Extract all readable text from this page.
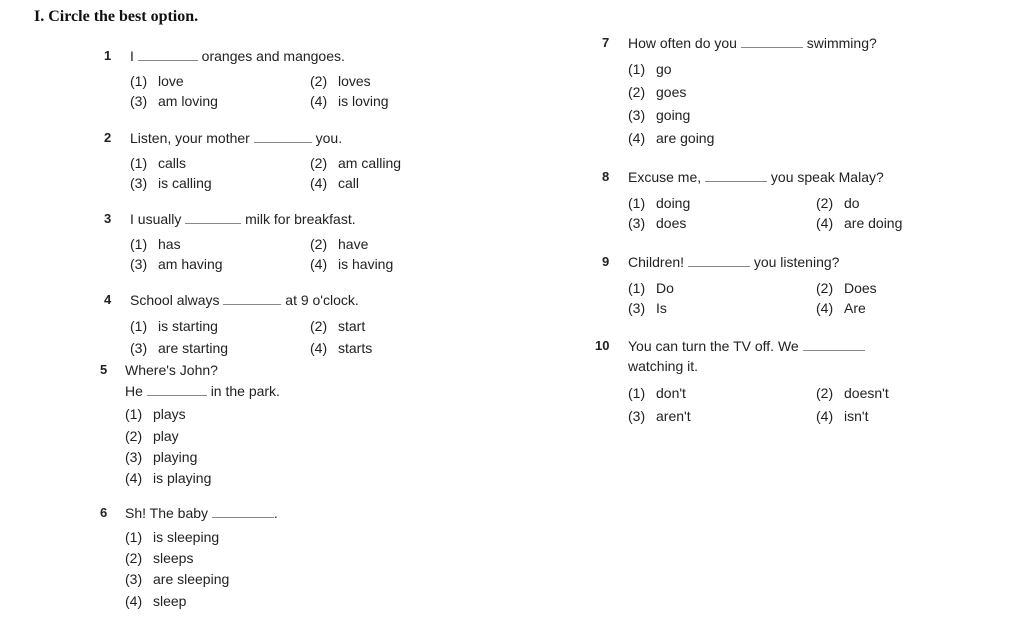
I. Circle the best option.
1 I	oranges and mangoes.
(1) love	(2) loves
(3) am loving	(4) is loving
2 Listen, your mother	you.
(1) calls	(2) am calling
(3) is calling	(4) call
3 I usually	milk for breakfast.
(1) has	(2) have
(3) am having	(4) is having
4 School always	at 9 o'clock.
(1) is starting	(2) start
(3) are starting	(4) starts
5 Where's John?
He	in the park.
(1) plays
(2) play
(3) playing
(4) is playing
6 Sh! The baby	.
(1) is sleeping
(2) sleeps
(3) are sleeping
(4) sleep
7 How often do you	swimming?
(1) go
(2) goes
(3) going
(4) are going
8 Excuse me,	you speak Malay?
(1) doing	(2) do
(3) does	(4) are doing
9 Children!	you listening?
(1) Do	(2) Does
(3) Is	(4) Are
10 You can turn the TV off. We
watching it.
(1) don't	(2) doesn't
(3) aren't	(4) isn't
